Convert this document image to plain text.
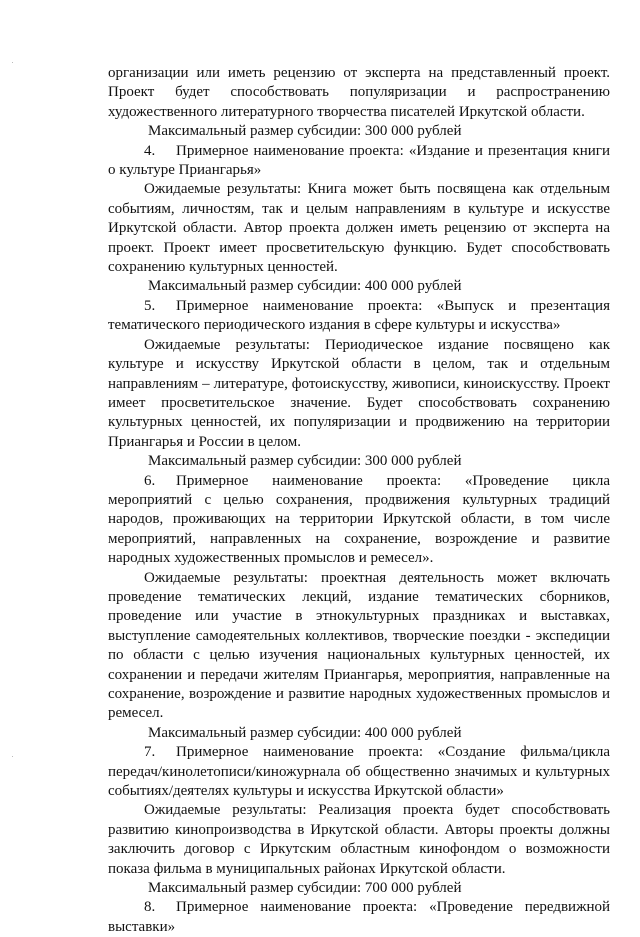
организации или иметь рецензию от эксперта на представленный проект. Проект будет способствовать популяризации и распространению художественного литературного творчества писателей Иркутской области.

Максимальный размер субсидии: 300 000 рублей

4. Примерное наименование проекта: «Издание и презентация книги о культуре Приангарья»

Ожидаемые результаты: Книга может быть посвящена как отдельным событиям, личностям, так и целым направлениям в культуре и искусстве Иркутской области. Автор проекта должен иметь рецензию от эксперта на проект. Проект имеет просветительскую функцию. Будет способствовать сохранению культурных ценностей.

Максимальный размер субсидии: 400 000 рублей

5. Примерное наименование проекта: «Выпуск и презентация тематического периодического издания в сфере культуры и искусства»

Ожидаемые результаты: Периодическое издание посвящено как культуре и искусству Иркутской области в целом, так и отдельным направлениям – литературе, фотоискусству, живописи, киноискусству. Проект имеет просветительское значение. Будет способствовать сохранению культурных ценностей, их популяризации и продвижению на территории Приангарья и России в целом.

Максимальный размер субсидии: 300 000 рублей

6. Примерное наименование проекта: «Проведение цикла мероприятий с целью сохранения, продвижения культурных традиций народов, проживающих на территории Иркутской области, в том числе мероприятий, направленных на сохранение, возрождение и развитие народных художественных промыслов и ремесел».

Ожидаемые результаты: проектная деятельность может включать проведение тематических лекций, издание тематических сборников, проведение или участие в этнокультурных праздниках и выставках, выступление самодеятельных коллективов, творческие поездки - экспедиции по области с целью изучения национальных культурных ценностей, их сохранении и передачи жителям Приангарья, мероприятия, направленные на сохранение, возрождение и развитие народных художественных промыслов и ремесел.

Максимальный размер субсидии: 400 000 рублей

7. Примерное наименование проекта: «Создание фильма/цикла передач/кинолетописи/киножурнала об общественно значимых и культурных событиях/деятелях культуры и искусства Иркутской области»

Ожидаемые результаты: Реализация проекта будет способствовать развитию кинопроизводства в Иркутской области. Авторы проекты должны заключить договор с Иркутским областным кинофондом о возможности показа фильма в муниципальных районах Иркутской области.

Максимальный размер субсидии: 700 000 рублей

8. Примерное наименование проекта: «Проведение передвижной выставки»
